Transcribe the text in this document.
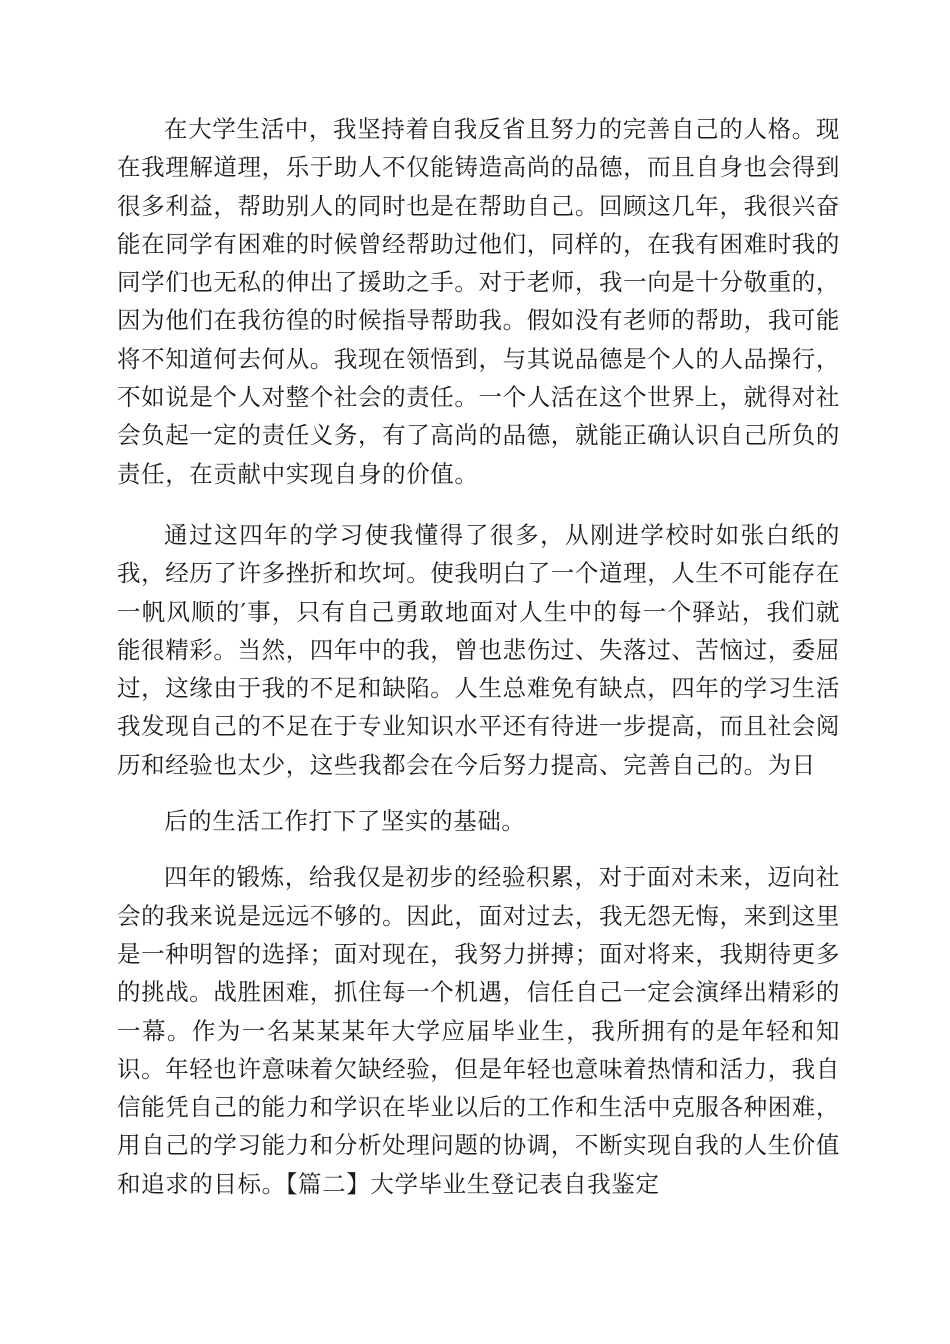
在大学生活中，我坚持着自我反省且努力的完善自己的人格。现在我理解道理，乐于助人不仅能铸造高尚的品德，而且自身也会得到很多利益，帮助别人的同时也是在帮助自己。回顾这几年，我很兴奋能在同学有困难的时候曾经帮助过他们，同样的，在我有困难时我的同学们也无私的伸出了援助之手。对于老师，我一向是十分敬重的，因为他们在我彷徨的时候指导帮助我。假如没有老师的帮助，我可能将不知道何去何从。我现在领悟到，与其说品德是个人的人品操行，不如说是个人对整个社会的责任。一个人活在这个世界上，就得对社会负起一定的责任义务，有了高尚的品德，就能正确认识自己所负的责任，在贡献中实现自身的价值。

通过这四年的学习使我懂得了很多，从刚进学校时如张白纸的我，经历了许多挫折和坎坷。使我明白了一个道理，人生不可能存在一帆风顺的′事，只有自己勇敢地面对人生中的每一个驿站，我们就能很精彩。当然，四年中的我，曾也悲伤过、失落过、苦恼过，委屈过，这缘由于我的不足和缺陷。人生总难免有缺点，四年的学习生活我发现自己的不足在于专业知识水平还有待进一步提高，而且社会阅历和经验也太少，这些我都会在今后努力提高、完善自己的。为日

后的生活工作打下了坚实的基础。

四年的锻炼，给我仅是初步的经验积累，对于面对未来，迈向社会的我来说是远远不够的。因此，面对过去，我无怨无悔，来到这里是一种明智的选择；面对现在，我努力拼搏；面对将来，我期待更多的挑战。战胜困难，抓住每一个机遇，信任自己一定会演绎出精彩的一幕。作为一名某某某年大学应届毕业生，我所拥有的是年轻和知识。年轻也许意味着欠缺经验，但是年轻也意味着热情和活力，我自信能凭自己的能力和学识在毕业以后的工作和生活中克服各种困难，用自己的学习能力和分析处理问题的协调，不断实现自我的人生价值和追求的目标。【篇二】大学毕业生登记表自我鉴定
